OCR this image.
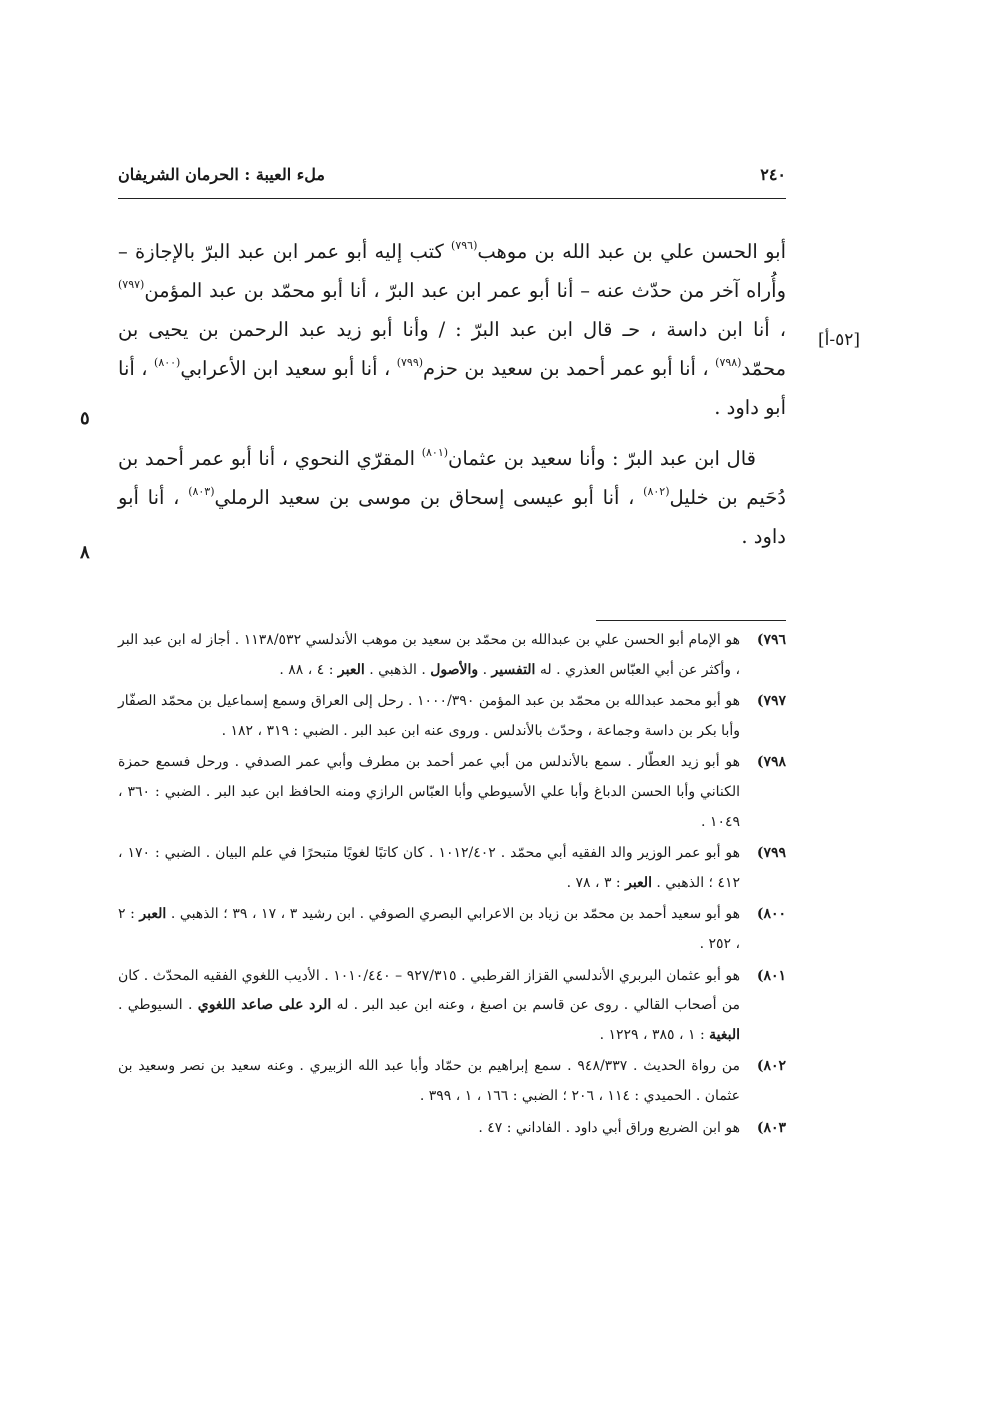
٢٤٠
ملء العيبة : الحرمان الشريفان
[٥٢-أ]
٥
٨

أبو الحسن علي بن عبد الله بن موهب$^{(٧٩٦)}$ كتب إليه أبو عمر ابن عبد البرّ بالإجازة – وأُراه آخر من حدّث عنه – أنا أبو عمر ابن عبد البرّ ، أنا أبو محمّد بن عبد المؤمن$^{(٧٩٧)}$ ، أنا ابن داسة ، حـ قال ابن عبد البرّ : / وأنا أبو زيد عبد الرحمن بن يحيى بن محمّد$^{(٧٩٨)}$ ، أنا أبو عمر أحمد بن سعيد بن حزم$^{(٧٩٩)}$ ، أنا أبو سعيد ابن الأعرابي$^{(٨٠٠)}$ ، أنا أبو داود .

قال ابن عبد البرّ : وأنا سعيد بن عثمان$^{(٨٠١)}$ المقرّي النحوي ، أنا أبو عمر أحمد بن دُحَيم بن خليل$^{(٨٠٢)}$ ، أنا أبو عيسى إسحاق بن موسى بن سعيد الرملي$^{(٨٠٣)}$ ، أنا أبو داود .

٧٩٦)
هو الإمام أبو الحسن علي بن عبدالله بن محمّد بن سعيد بن موهب الأندلسي ١١٣٨/٥٣٢ . أجاز له ابن عبد البر ، وأكثر عن أبي العبّاس العذري . له التفسير . والأصول . الذهبي . العبر : ٤ ، ٨٨ .
٧٩٧)
هو أبو محمد عبدالله بن محمّد بن عبد المؤمن ١٠٠٠/٣٩٠ . رحل إلى العراق وسمع إسماعيل بن محمّد الصفّار وأبا بكر بن داسة وجماعة ، وحدّث بالأندلس . وروى عنه ابن عبد البر . الضبي : ٣١٩ ، ١٨٢ .
٧٩٨)
هو أبو زيد العطّار . سمع بالأندلس من أبي عمر أحمد بن مطرف وأبي عمر الصدفي . ورحل فسمع حمزة الكناني وأبا الحسن الدباغ وأبا علي الأسيوطي وأبا العبّاس الرازي ومنه الحافظ ابن عبد البر . الضبي : ٣٦٠ ، ١٠٤٩ .
٧٩٩)
هو أبو عمر الوزير والد الفقيه أبي محمّد . ١٠١٢/٤٠٢ . كان كاتبًا لغويًا متبحرًا في علم البيان . الضبي : ١٧٠ ، ٤١٢ ؛ الذهبي . العبر : ٣ ، ٧٨ .
٨٠٠)
هو أبو سعيد أحمد بن محمّد بن زياد بن الاعرابي البصري الصوفي . ابن رشيد ٣ ، ١٧ ، ٣٩ ؛ الذهبي . العبر : ٢ ، ٢٥٢ .
٨٠١)
هو أبو عثمان البربري الأندلسي القزاز القرطبي . ٩٢٧/٣١٥ – ١٠١٠/٤٤٠ . الأديب اللغوي الفقيه المحدّث . كان من أصحاب القالي . روى عن قاسم بن اصبغ ، وعنه ابن عبد البر . له الرد على صاعد اللغوي . السيوطي . البغية : ١ ، ٣٨٥ ، ١٢٢٩ .
٨٠٢)
من رواة الحديث . ٩٤٨/٣٣٧ . سمع إبراهيم بن حمّاد وأبا عبد الله الزبيري . وعنه سعيد بن نصر وسعيد بن عثمان . الحميدي : ١١٤ ، ٢٠٦ ؛ الضبي : ١٦٦ ، ١ ، ٣٩٩ .
٨٠٣)
هو ابن الضريع وراق أبي داود . الفاداني : ٤٧ .
